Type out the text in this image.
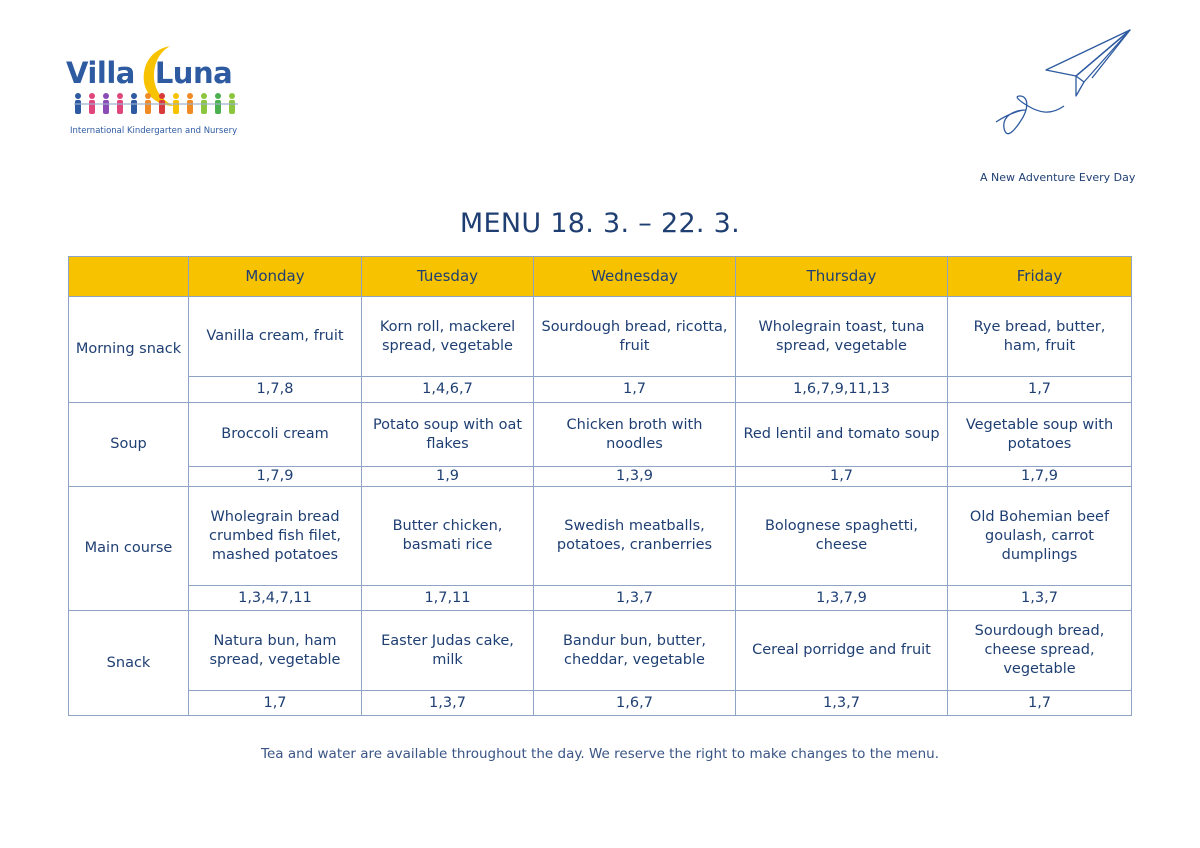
Villa Luna
International Kindergarten and Nursery
A New Adventure Every Day
MENU 18. 3. – 22. 3.
	Monday	Tuesday	Wednesday	Thursday	Friday
Morning snack	Vanilla cream, fruit	Korn roll, mackerel spread, vegetable	Sourdough bread, ricotta, fruit	Wholegrain toast, tuna spread, vegetable	Rye bread, butter, ham, fruit
	1,7,8	1,4,6,7	1,7	1,6,7,9,11,13	1,7
Soup	Broccoli cream	Potato soup with oat flakes	Chicken broth with noodles	Red lentil and tomato soup	Vegetable soup with potatoes
	1,7,9	1,9	1,3,9	1,7	1,7,9
Main course	Wholegrain bread crumbed fish filet, mashed potatoes	Butter chicken, basmati rice	Swedish meatballs, potatoes, cranberries	Bolognese spaghetti, cheese	Old Bohemian beef goulash, carrot dumplings
	1,3,4,7,11	1,7,11	1,3,7	1,3,7,9	1,3,7
Snack	Natura bun, ham spread, vegetable	Easter Judas cake, milk	Bandur bun, butter, cheddar, vegetable	Cereal porridge and fruit	Sourdough bread, cheese spread, vegetable
	1,7	1,3,7	1,6,7	1,3,7	1,7
Tea and water are available throughout the day. We reserve the right to make changes to the menu.
